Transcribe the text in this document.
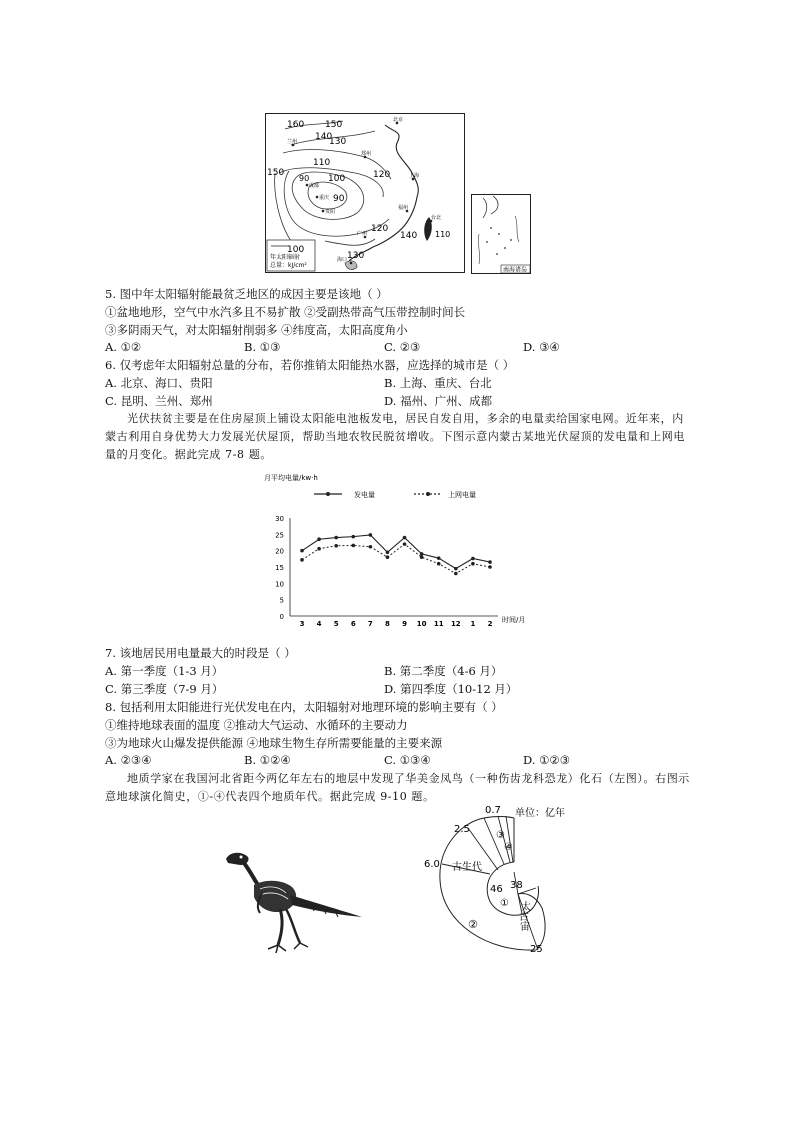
160 150
140
130
110
100
90
90
120
150
140
130
120
110
100
北京
兰州
郑州
成都
重庆
贵阳
上海
福州
台北
广州
海口
年太阳辐射
总量：kJ/cm²
南海诸岛
5. 图中年太阳辐射能最贫乏地区的成因主要是该地（ ）
①盆地地形，空气中水汽多且不易扩散 ②受副热带高气压带控制时间长
③多阴雨天气，对太阳辐射削弱多 ④纬度高，太阳高度角小
A. ①②	B. ①③	C. ②③	D. ③④
6. 仅考虑年太阳辐射总量的分布，若你推销太阳能热水器，应选择的城市是（ ）
A. 北京、海口、贵阳	B. 上海、重庆、台北
C. 昆明、兰州、郑州	D. 福州、广州、成都
光伏扶贫主要是在住房屋顶上铺设太阳能电池板发电，居民自发自用，多余的电量卖给国家电网。近年来，内蒙古利用自身优势大力发展光伏屋顶，帮助当地农牧民脱贫增收。下图示意内蒙古某地光伏屋顶的发电量和上网电量的月变化。据此完成 7-8 题。
月平均电量/kw·h
发电量	上网电量
时间/月
0
5
10
15
20
25
30
3 4 5 6 7 8 9 10 11 12 1 2
7. 该地居民用电量最大的时段是（ ）
A. 第一季度（1-3 月）	B. 第二季度（4-6 月）
C. 第三季度（7-9 月）	D. 第四季度（10-12 月）
8. 包括利用太阳能进行光伏发电在内，太阳辐射对地理环境的影响主要有（ ）
①维持地球表面的温度 ②推动大气运动、水循环的主要动力
③为地球火山爆发提供能源 ④地球生物生存所需要能量的主要来源
A. ②③④	B. ①②④	C. ①③④	D. ①②③
地质学家在我国河北省距今两亿年左右的地层中发现了华美金凤鸟（一种伤齿龙科恐龙）化石（左图）。右图示意地球演化简史，①-④代表四个地质年代。据此完成 9-10 题。
0.7 单位：亿年
2.5
6.0 古生代
46 38
太
古
宙
25
①
②
③
④
